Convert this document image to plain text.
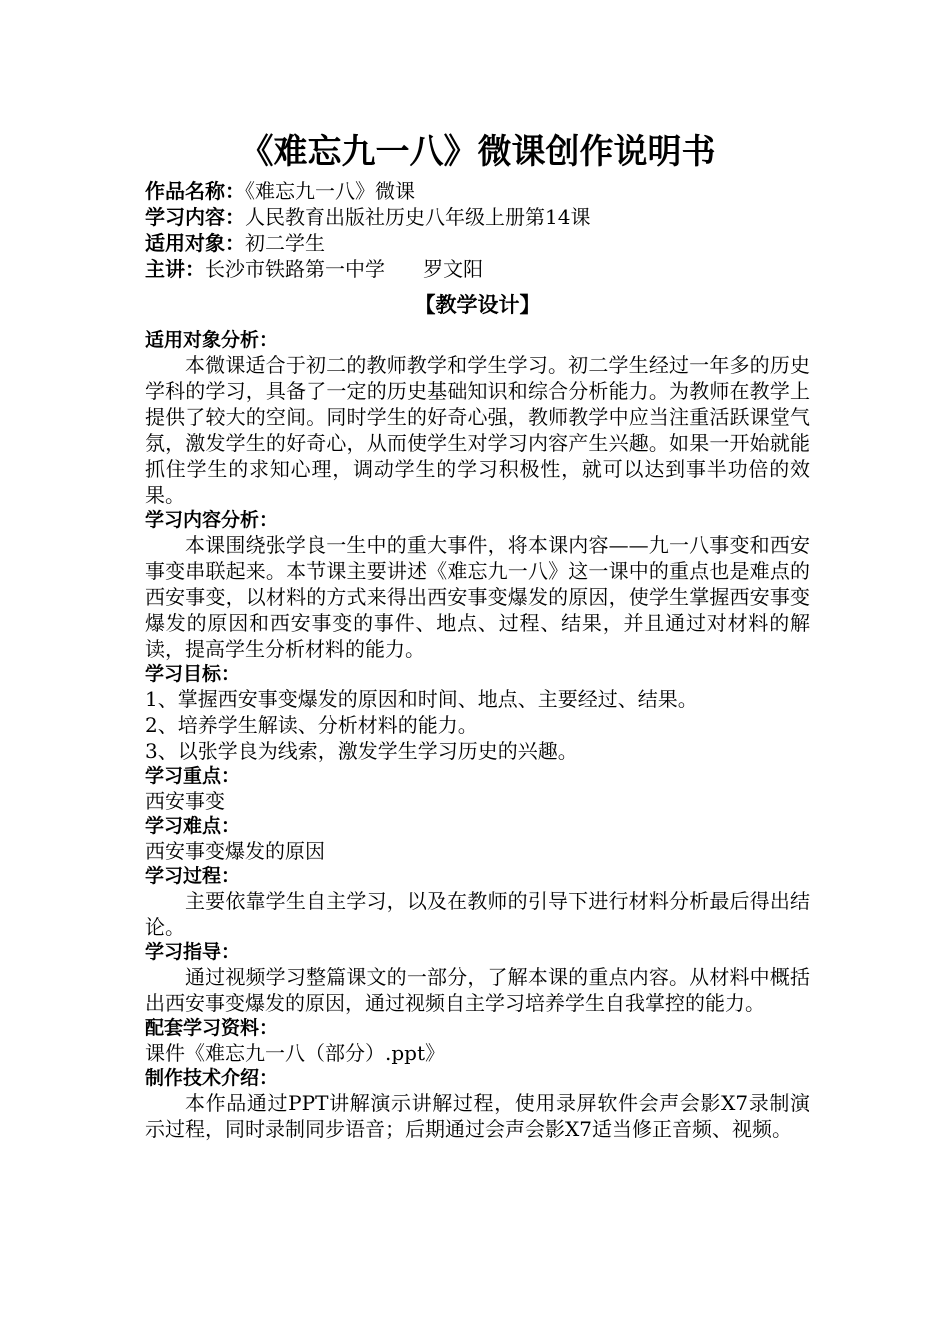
《难忘九一八》微课创作说明书
作品名称：《难忘九一八》微课
学习内容：人民教育出版社历史八年级上册第14课
适用对象：初二学生
主讲：长沙市铁路第一中学      罗文阳
【教学设计】
适用对象分析：

本微课适合于初二的教师教学和学生学习。初二学生经过一年多的历史学科的学习，具备了一定的历史基础知识和综合分析能力。为教师在教学上提供了较大的空间。同时学生的好奇心强，教师教学中应当注重活跃课堂气氛，激发学生的好奇心，从而使学生对学习内容产生兴趣。如果一开始就能抓住学生的求知心理，调动学生的学习积极性，就可以达到事半功倍的效果。

学习内容分析：

本课围绕张学良一生中的重大事件，将本课内容——九一八事变和西安事变串联起来。本节课主要讲述《难忘九一八》这一课中的重点也是难点的西安事变，以材料的方式来得出西安事变爆发的原因，使学生掌握西安事变爆发的原因和西安事变的事件、地点、过程、结果，并且通过对材料的解读，提高学生分析材料的能力。

学习目标：
1、掌握西安事变爆发的原因和时间、地点、主要经过、结果。
2、培养学生解读、分析材料的能力。
3、以张学良为线索，激发学生学习历史的兴趣。
学习重点：
西安事变
学习难点：
西安事变爆发的原因
学习过程：

主要依靠学生自主学习，以及在教师的引导下进行材料分析最后得出结论。

学习指导：

通过视频学习整篇课文的一部分，了解本课的重点内容。从材料中概括出西安事变爆发的原因，通过视频自主学习培养学生自我掌控的能力。

配套学习资料：
课件《难忘九一八（部分）.ppt》
制作技术介绍：

本作品通过PPT讲解演示讲解过程，使用录屏软件会声会影X7录制演示过程，同时录制同步语音；后期通过会声会影X7适当修正音频、视频。
